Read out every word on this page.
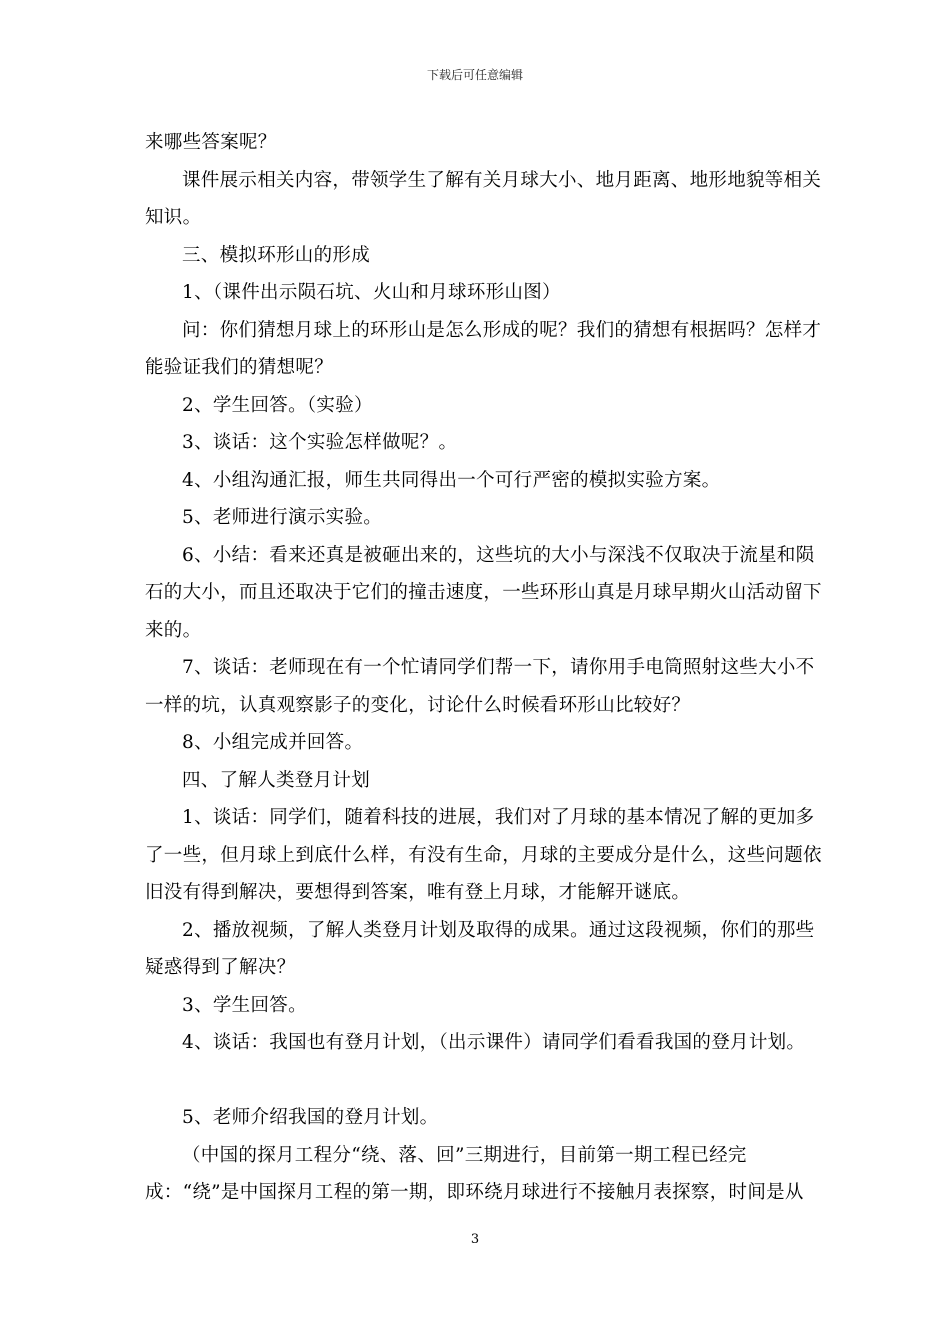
下载后可任意编辑

来哪些答案呢？

课件展示相关内容，带领学生了解有关月球大小、地月距离、地形地貌等相关知识。

三、模拟环形山的形成

1、（课件出示陨石坑、火山和月球环形山图）

问：你们猜想月球上的环形山是怎么形成的呢？我们的猜想有根据吗？怎样才能验证我们的猜想呢？

2、学生回答。（实验）

3、谈话：这个实验怎样做呢？。

4、小组沟通汇报，师生共同得出一个可行严密的模拟实验方案。

5、老师进行演示实验。

6、小结：看来还真是被砸出来的，这些坑的大小与深浅不仅取决于流星和陨石的大小，而且还取决于它们的撞击速度，一些环形山真是月球早期火山活动留下来的。

7、谈话：老师现在有一个忙请同学们帮一下，请你用手电筒照射这些大小不一样的坑，认真观察影子的变化，讨论什么时候看环形山比较好？

8、小组完成并回答。

四、了解人类登月计划

1、谈话：同学们，随着科技的进展，我们对了月球的基本情况了解的更加多了一些，但月球上到底什么样，有没有生命，月球的主要成分是什么，这些问题依旧没有得到解决，要想得到答案，唯有登上月球，才能解开谜底。

2、播放视频，了解人类登月计划及取得的成果。通过这段视频，你们的那些疑惑得到了解决？

3、学生回答。

4、谈话：我国也有登月计划，（出示课件）请同学们看看我国的登月计划。

5、老师介绍我国的登月计划。

（中国的探月工程分“绕、落、回”三期进行，目前第一期工程已经完成：“绕”是中国探月工程的第一期，即环绕月球进行不接触月表探察，时间是从

3
